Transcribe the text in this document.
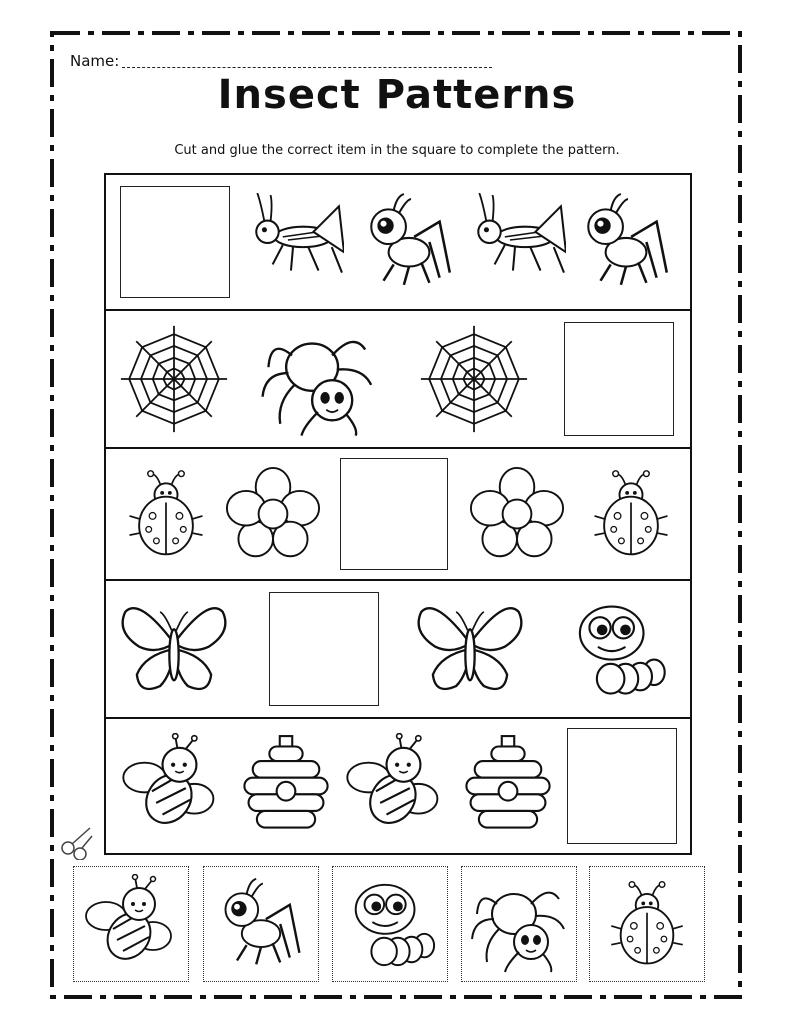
Name:
Insect Patterns
Cut and glue the correct item in the square to complete the pattern.
